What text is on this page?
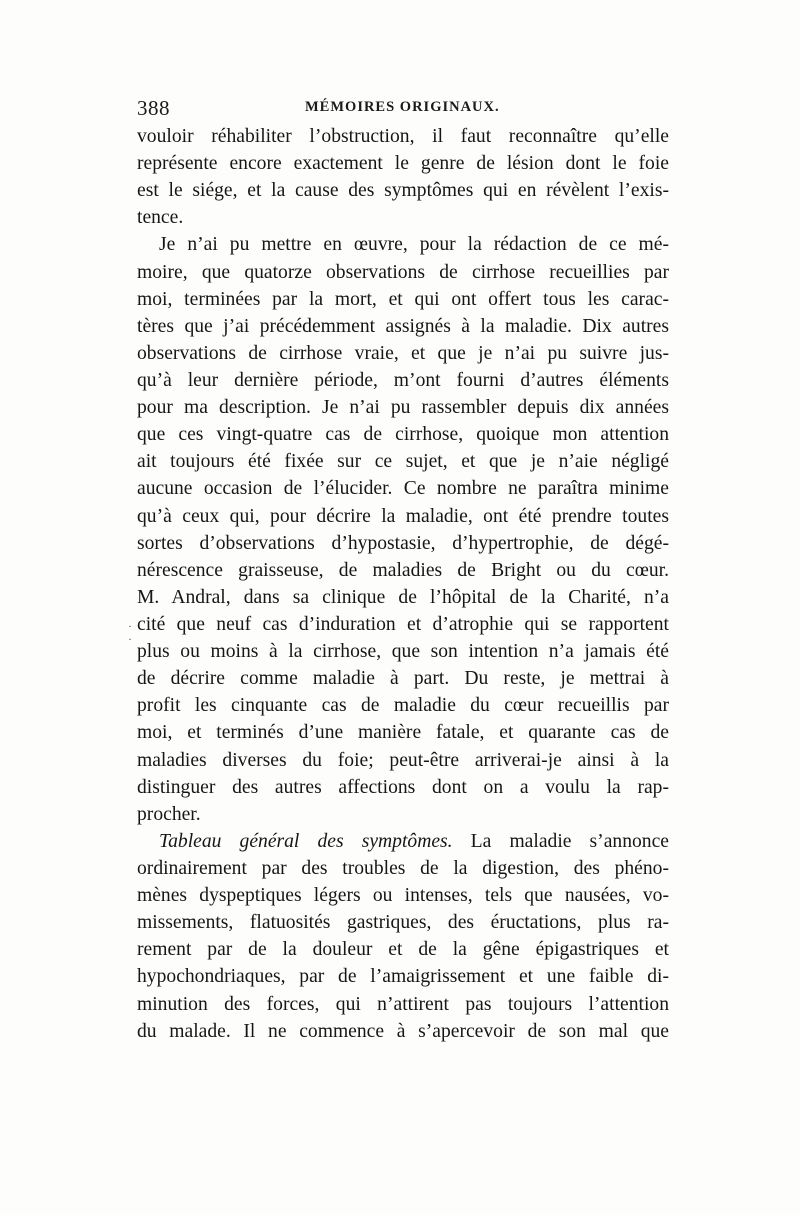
388	MÉMOIRES ORIGINAUX.
vouloir réhabiliter l’obstruction, il faut reconnaître qu’elle
représente encore exactement le genre de lésion dont le foie
est le siége, et la cause des symptômes qui en révèlent l’exis-
tence.
Je n’ai pu mettre en œuvre, pour la rédaction de ce mé-
moire, que quatorze observations de cirrhose recueillies par
moi, terminées par la mort, et qui ont offert tous les carac-
tères que j’ai précédemment assignés à la maladie. Dix autres
observations de cirrhose vraie, et que je n’ai pu suivre jus-
qu’à leur dernière période, m’ont fourni d’autres éléments
pour ma description. Je n’ai pu rassembler depuis dix années
que ces vingt-quatre cas de cirrhose, quoique mon attention
ait toujours été fixée sur ce sujet, et que je n’aie négligé
aucune occasion de l’élucider. Ce nombre ne paraîtra minime
qu’à ceux qui, pour décrire la maladie, ont été prendre toutes
sortes d’observations d’hypostasie, d’hypertrophie, de dégé-
nérescence graisseuse, de maladies de Bright ou du cœur.
M. Andral, dans sa clinique de l’hôpital de la Charité, n’a
cité que neuf cas d’induration et d’atrophie qui se rapportent
plus ou moins à la cirrhose, que son intention n’a jamais été
de décrire comme maladie à part. Du reste, je mettrai à
profit les cinquante cas de maladie du cœur recueillis par
moi, et terminés d’une manière fatale, et quarante cas de
maladies diverses du foie; peut-être arriverai-je ainsi à la
distinguer des autres affections dont on a voulu la rap-
procher.
Tableau général des symptômes. La maladie s’annonce
ordinairement par des troubles de la digestion, des phéno-
mènes dyspeptiques légers ou intenses, tels que nausées, vo-
missements, flatuosités gastriques, des éructations, plus ra-
rement par de la douleur et de la gêne épigastriques et
hypochondriaques, par de l’amaigrissement et une faible di-
minution des forces, qui n’attirent pas toujours l’attention
du malade. Il ne commence à s’apercevoir de son mal que
·
·
